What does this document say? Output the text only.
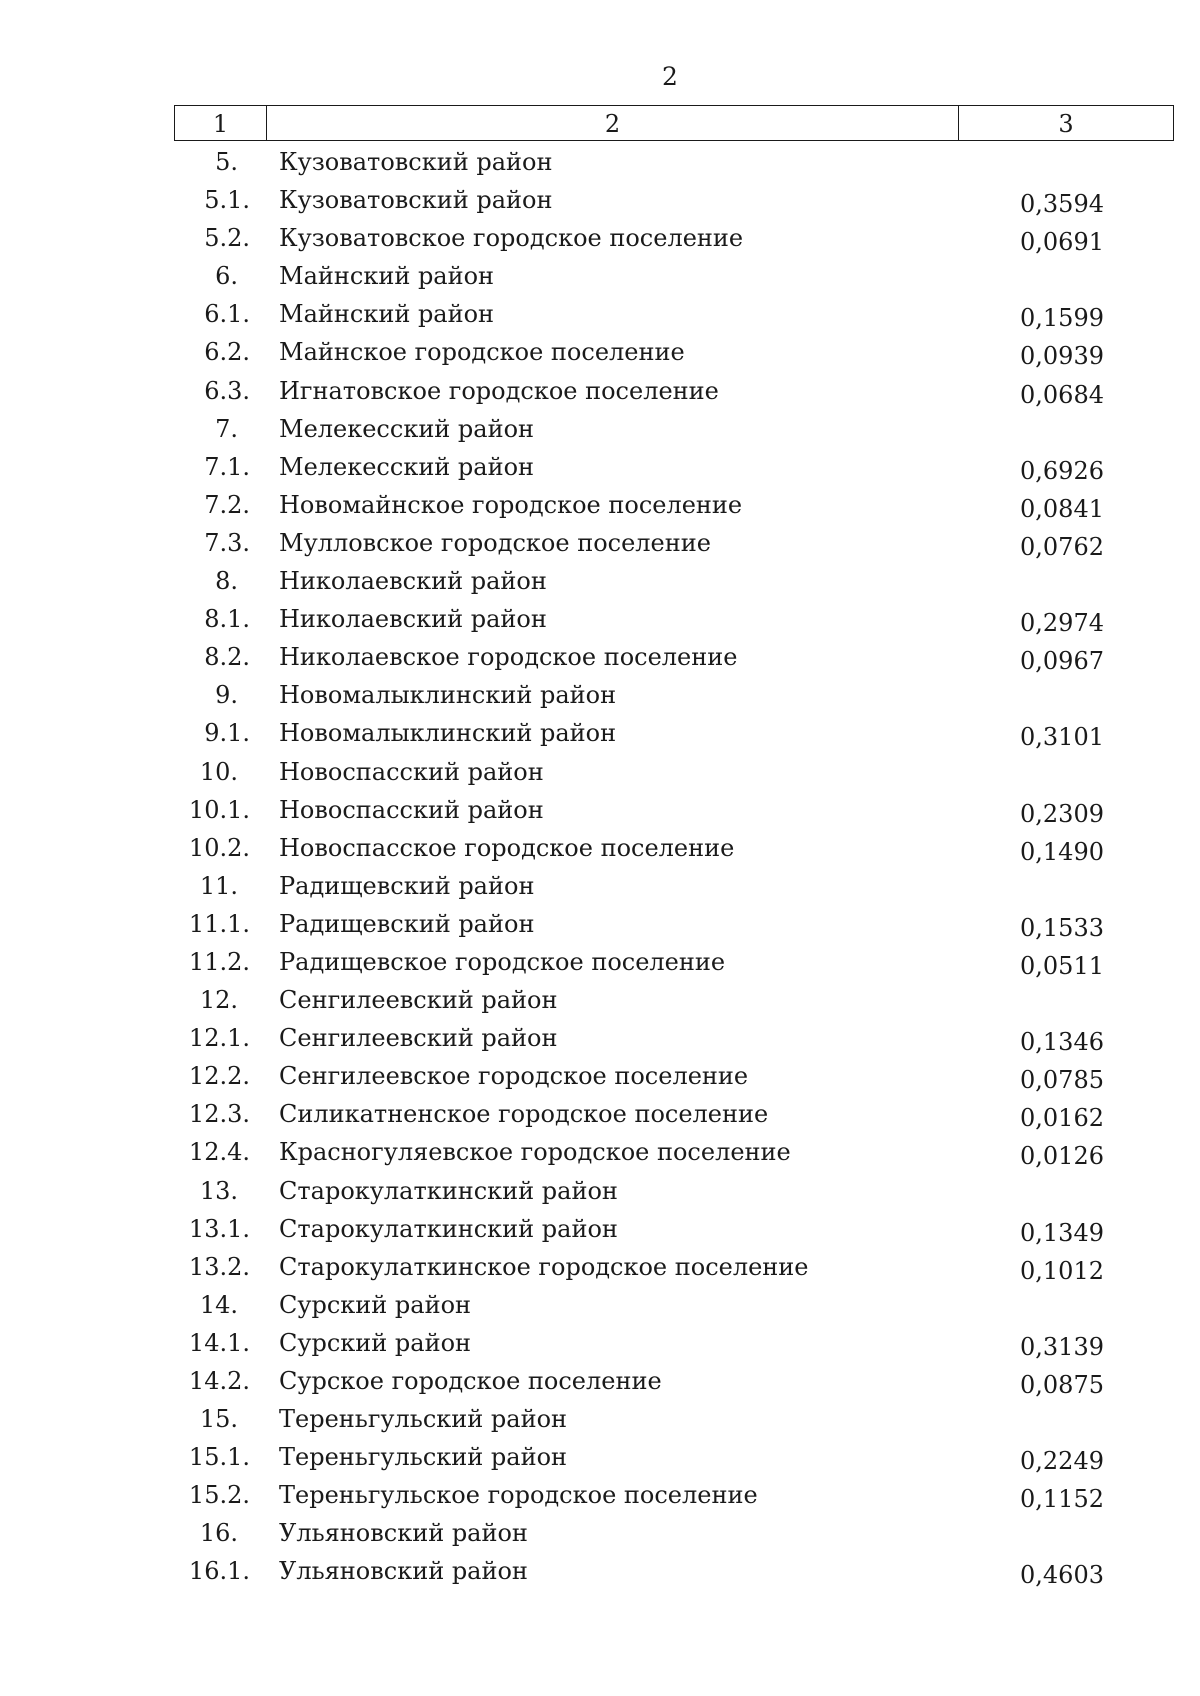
2
1	2	3
5. Кузоватовский район
5.1. Кузоватовский район	0,3594
5.2. Кузоватовское городское поселение	0,0691
6. Майнский район
6.1. Майнский район	0,1599
6.2. Майнское городское поселение	0,0939
6.3. Игнатовское городское поселение	0,0684
7. Мелекесский район
7.1. Мелекесский район	0,6926
7.2. Новомайнское городское поселение	0,0841
7.3. Мулловское городское поселение	0,0762
8. Николаевский район
8.1. Николаевский район	0,2974
8.2. Николаевское городское поселение	0,0967
9. Новомалыклинский район
9.1. Новомалыклинский район	0,3101
10. Новоспасский район
10.1. Новоспасский район	0,2309
10.2. Новоспасское городское поселение	0,1490
11. Радищевский район
11.1. Радищевский район	0,1533
11.2. Радищевское городское поселение	0,0511
12. Сенгилеевский район
12.1. Сенгилеевский район	0,1346
12.2. Сенгилеевское городское поселение	0,0785
12.3. Силикатненское городское поселение	0,0162
12.4. Красногуляевское городское поселение	0,0126
13. Старокулаткинский район
13.1. Старокулаткинский район	0,1349
13.2. Старокулаткинское городское поселение	0,1012
14. Сурский район
14.1. Сурский район	0,3139
14.2. Сурское городское поселение	0,0875
15. Тереньгульский район
15.1. Тереньгульский район	0,2249
15.2. Тереньгульское городское поселение	0,1152
16. Ульяновский район
16.1. Ульяновский район	0,4603
